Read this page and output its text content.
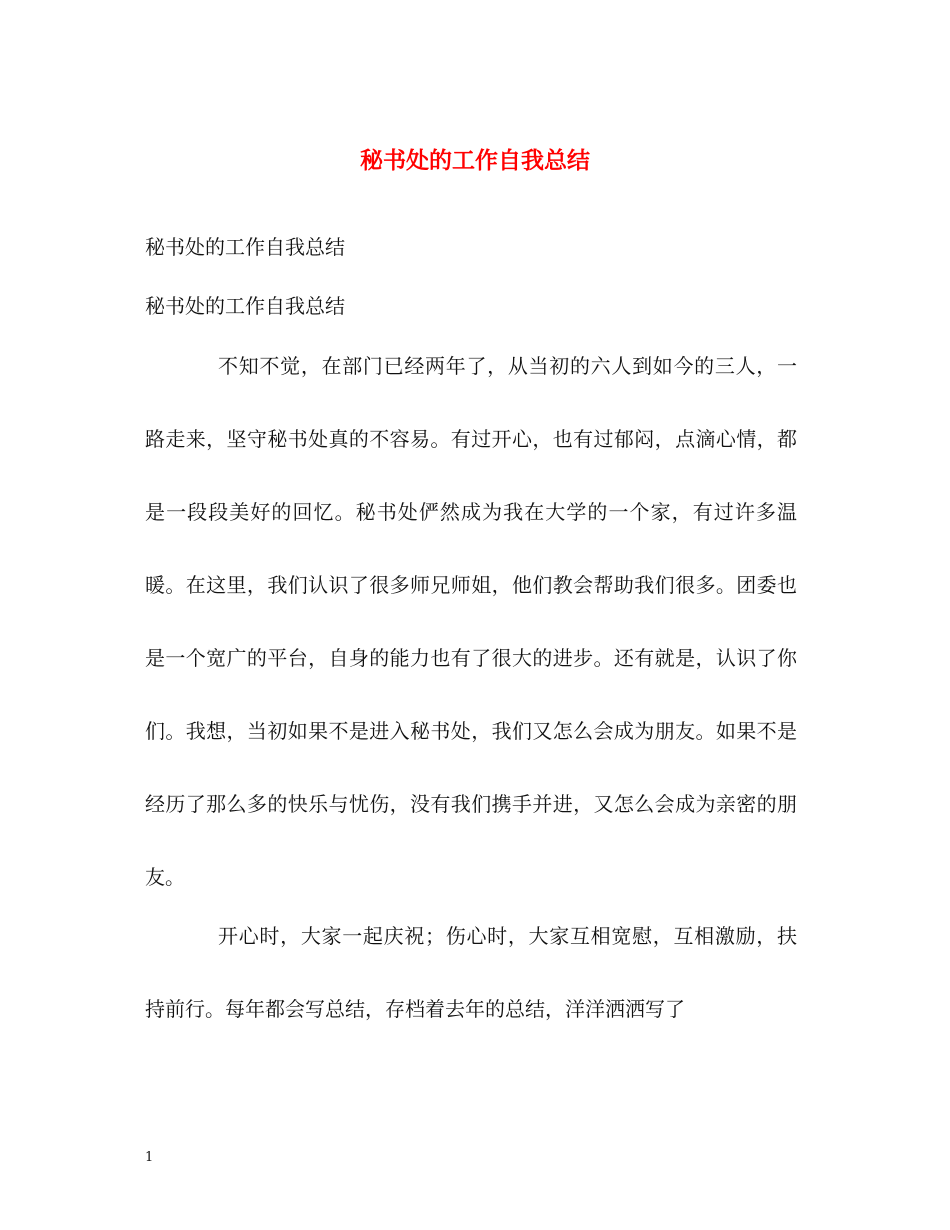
秘书处的工作自我总结
秘书处的工作自我总结
秘书处的工作自我总结

不知不觉，在部门已经两年了，从当初的六人到如今的三人，一路走来，坚守秘书处真的不容易。有过开心，也有过郁闷，点滴心情，都是一段段美好的回忆。秘书处俨然成为我在大学的一个家，有过许多温暖。在这里，我们认识了很多师兄师姐，他们教会帮助我们很多。团委也是一个宽广的平台，自身的能力也有了很大的进步。还有就是，认识了你们。我想，当初如果不是进入秘书处，我们又怎么会成为朋友。如果不是经历了那么多的快乐与忧伤，没有我们携手并进，又怎么会成为亲密的朋友。

开心时，大家一起庆祝；伤心时，大家互相宽慰，互相激励，扶持前行。每年都会写总结，存档着去年的总结，洋洋洒洒写了

1
